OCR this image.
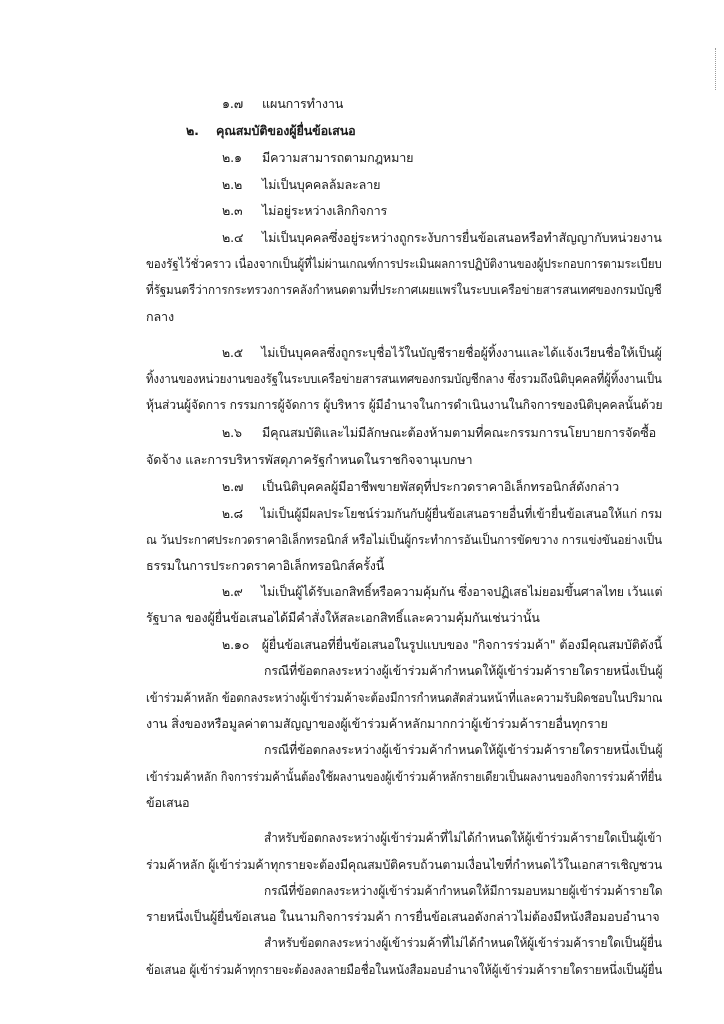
๑.๗ แผนการทำงาน
๒. คุณสมบัติของผู้ยื่นข้อเสนอ
๒.๑ มีความสามารถตามกฎหมาย
๒.๒ ไม่เป็นบุคคลล้มละลาย
๒.๓ ไม่อยู่ระหว่างเลิกกิจการ
๒.๔ ไม่เป็นบุคคลซึ่งอยู่ระหว่างถูกระงับการยื่นข้อเสนอหรือทำสัญญากับหน่วยงาน
ของรัฐไว้ชั่วคราว เนื่องจากเป็นผู้ที่ไม่ผ่านเกณฑ์การประเมินผลการปฏิบัติงานของผู้ประกอบการตามระเบียบ
ที่รัฐมนตรีว่าการกระทรวงการคลังกำหนดตามที่ประกาศเผยแพร่ในระบบเครือข่ายสารสนเทศของกรมบัญชี
กลาง
๒.๕ ไม่เป็นบุคคลซึ่งถูกระบุชื่อไว้ในบัญชีรายชื่อผู้ทิ้งงานและได้แจ้งเวียนชื่อให้เป็นผู้
ทิ้งงานของหน่วยงานของรัฐในระบบเครือข่ายสารสนเทศของกรมบัญชีกลาง ซึ่งรวมถึงนิติบุคคลที่ผู้ทิ้งงานเป็น
หุ้นส่วนผู้จัดการ กรรมการผู้จัดการ ผู้บริหาร ผู้มีอำนาจในการดำเนินงานในกิจการของนิติบุคคลนั้นด้วย
๒.๖ มีคุณสมบัติและไม่มีลักษณะต้องห้ามตามที่คณะกรรมการนโยบายการจัดซื้อ
จัดจ้าง และการบริหารพัสดุภาครัฐกำหนดในราชกิจจานุเบกษา
๒.๗ เป็นนิติบุคคลผู้มีอาชีพขายพัสดุที่ประกวดราคาอิเล็กทรอนิกส์ดังกล่าว
๒.๘ ไม่เป็นผู้มีผลประโยชน์ร่วมกันกับผู้ยื่นข้อเสนอรายอื่นที่เข้ายื่นข้อเสนอให้แก่ กรม
ณ วันประกาศประกวดราคาอิเล็กทรอนิกส์ หรือไม่เป็นผู้กระทำการอันเป็นการขัดขวาง การแข่งขันอย่างเป็น
ธรรมในการประกวดราคาอิเล็กทรอนิกส์ครั้งนี้
๒.๙ ไม่เป็นผู้ได้รับเอกสิทธิ์หรือความคุ้มกัน ซึ่งอาจปฏิเสธไม่ยอมขึ้นศาลไทย เว้นแต่
รัฐบาล ของผู้ยื่นข้อเสนอได้มีคำสั่งให้สละเอกสิทธิ์และความคุ้มกันเช่นว่านั้น
๒.๑๐ ผู้ยื่นข้อเสนอที่ยื่นข้อเสนอในรูปแบบของ "กิจการร่วมค้า" ต้องมีคุณสมบัติดังนี้
กรณีที่ข้อตกลงระหว่างผู้เข้าร่วมค้ากำหนดให้ผู้เข้าร่วมค้ารายใดรายหนึ่งเป็นผู้
เข้าร่วมค้าหลัก ข้อตกลงระหว่างผู้เข้าร่วมค้าจะต้องมีการกำหนดสัดส่วนหน้าที่และความรับผิดชอบในปริมาณ
งาน สิ่งของหรือมูลค่าตามสัญญาของผู้เข้าร่วมค้าหลักมากกว่าผู้เข้าร่วมค้ารายอื่นทุกราย
กรณีที่ข้อตกลงระหว่างผู้เข้าร่วมค้ากำหนดให้ผู้เข้าร่วมค้ารายใดรายหนึ่งเป็นผู้
เข้าร่วมค้าหลัก กิจการร่วมค้านั้นต้องใช้ผลงานของผู้เข้าร่วมค้าหลักรายเดียวเป็นผลงานของกิจการร่วมค้าที่ยื่น
ข้อเสนอ
สำหรับข้อตกลงระหว่างผู้เข้าร่วมค้าที่ไม่ได้กำหนดให้ผู้เข้าร่วมค้ารายใดเป็นผู้เข้า
ร่วมค้าหลัก ผู้เข้าร่วมค้าทุกรายจะต้องมีคุณสมบัติครบถ้วนตามเงื่อนไขที่กำหนดไว้ในเอกสารเชิญชวน
กรณีที่ข้อตกลงระหว่างผู้เข้าร่วมค้ากำหนดให้มีการมอบหมายผู้เข้าร่วมค้ารายใด
รายหนึ่งเป็นผู้ยื่นข้อเสนอ ในนามกิจการร่วมค้า การยื่นข้อเสนอดังกล่าวไม่ต้องมีหนังสือมอบอำนาจ
สำหรับข้อตกลงระหว่างผู้เข้าร่วมค้าที่ไม่ได้กำหนดให้ผู้เข้าร่วมค้ารายใดเป็นผู้ยื่น
ข้อเสนอ ผู้เข้าร่วมค้าทุกรายจะต้องลงลายมือชื่อในหนังสือมอบอำนาจให้ผู้เข้าร่วมค้ารายใดรายหนึ่งเป็นผู้ยื่น
